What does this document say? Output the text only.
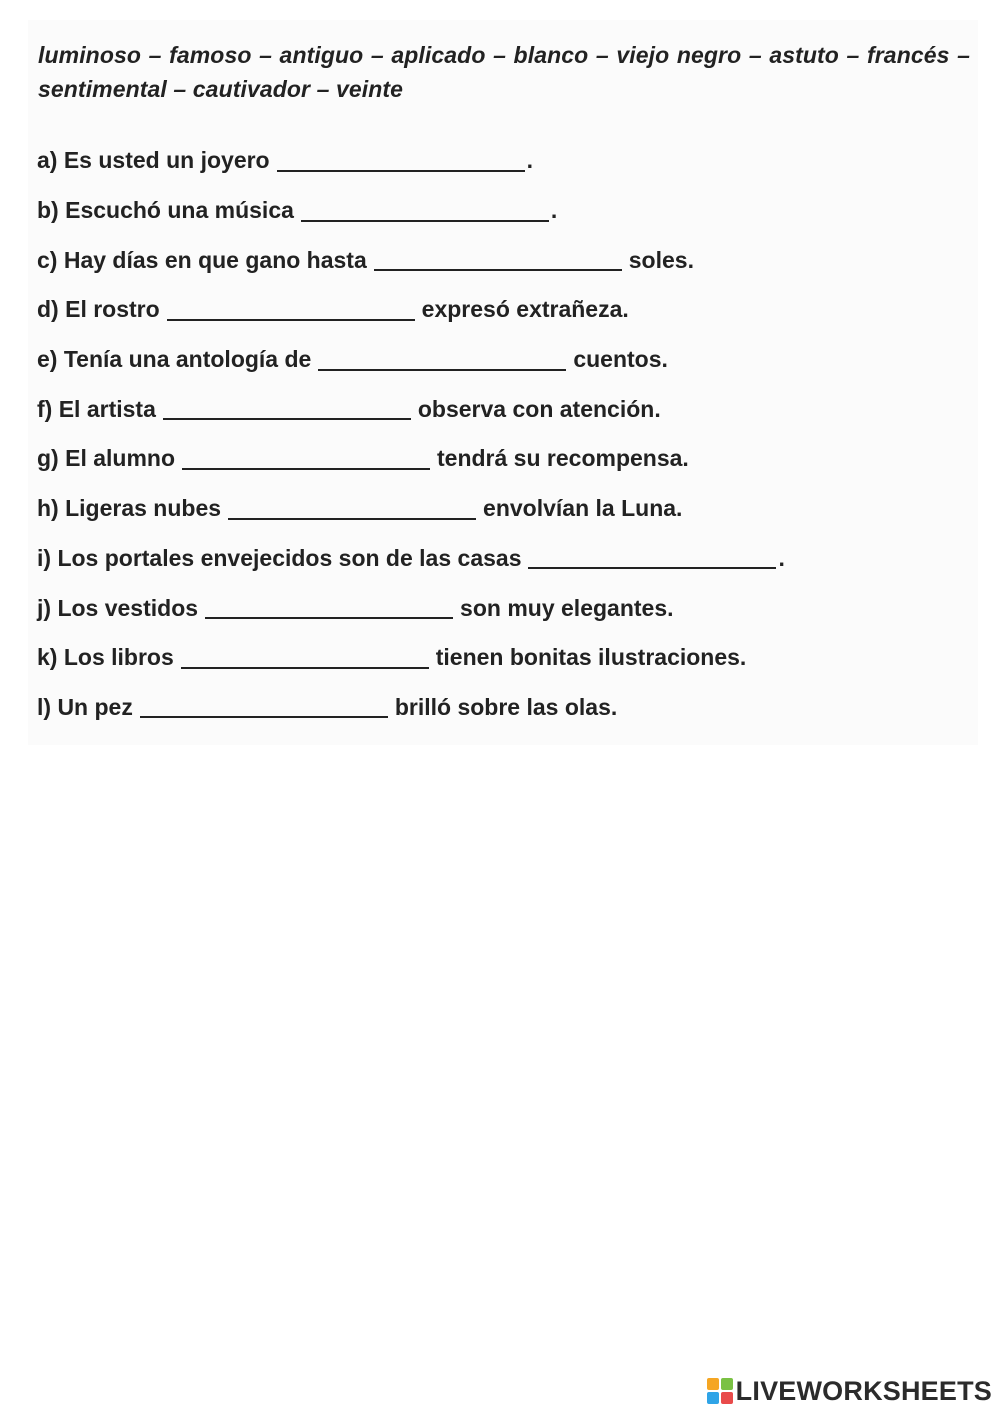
luminoso – famoso – antiguo – aplicado – blanco – viejo negro – astuto – francés – sentimental – cautivador – veinte
a) Es usted un joyero	.
b) Escuchó una música	.
c) Hay días en que gano hasta	soles.
d) El rostro	expresó extrañeza.
e) Tenía una antología de	cuentos.
f) El artista	observa con atención.
g) El alumno	tendrá su recompensa.
h) Ligeras nubes	envolvían la Luna.
i) Los portales envejecidos son de las casas	.
j) Los vestidos	son muy elegantes.
k) Los libros	tienen bonitas ilustraciones.
l) Un pez	brilló sobre las olas.
LIVEWORKSHEETS
